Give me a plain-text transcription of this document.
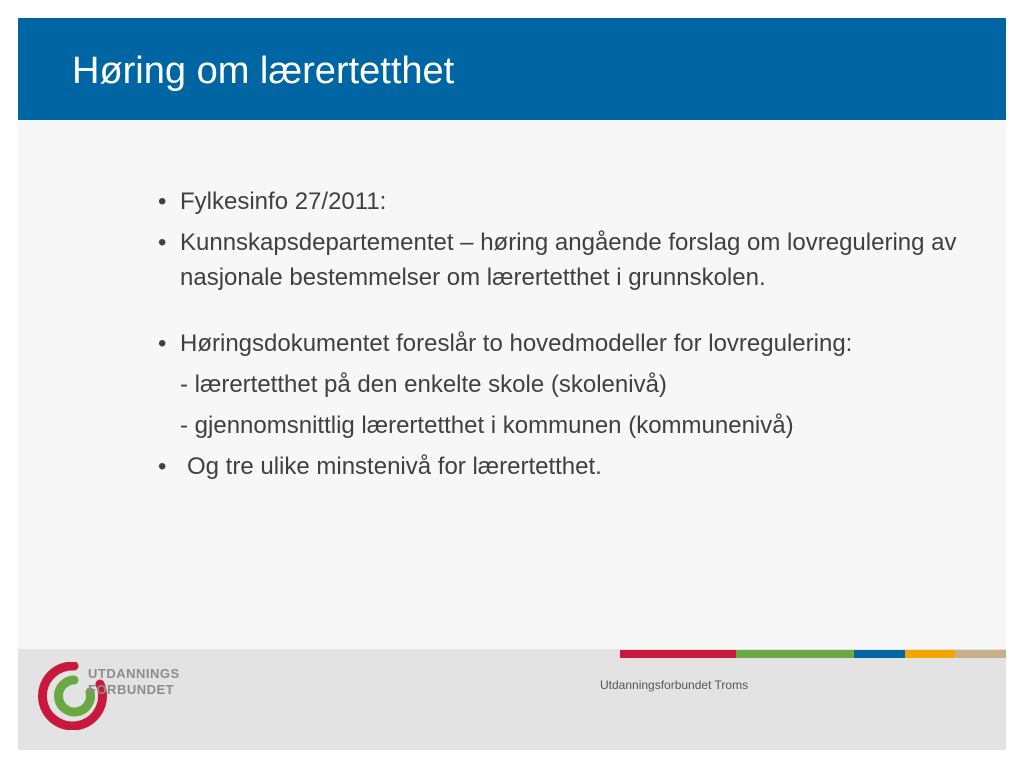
Høring om lærertetthet
UTDANNINGS
FORBUNDET	Utdanningsforbundet Troms
• Fylkesinfo 27/2011:
• Kunnskapsdepartementet – høring angående forslag om lovregulering av nasjonale bestemmelser om lærertetthet i grunnskolen.
• Høringsdokumentet foreslår to hovedmodeller for lovregulering:
- lærertetthet på den enkelte skole (skolenivå)
- gjennomsnittlig lærertetthet i kommunen (kommunenivå)
• Og tre ulike minstenivå for lærertetthet.
